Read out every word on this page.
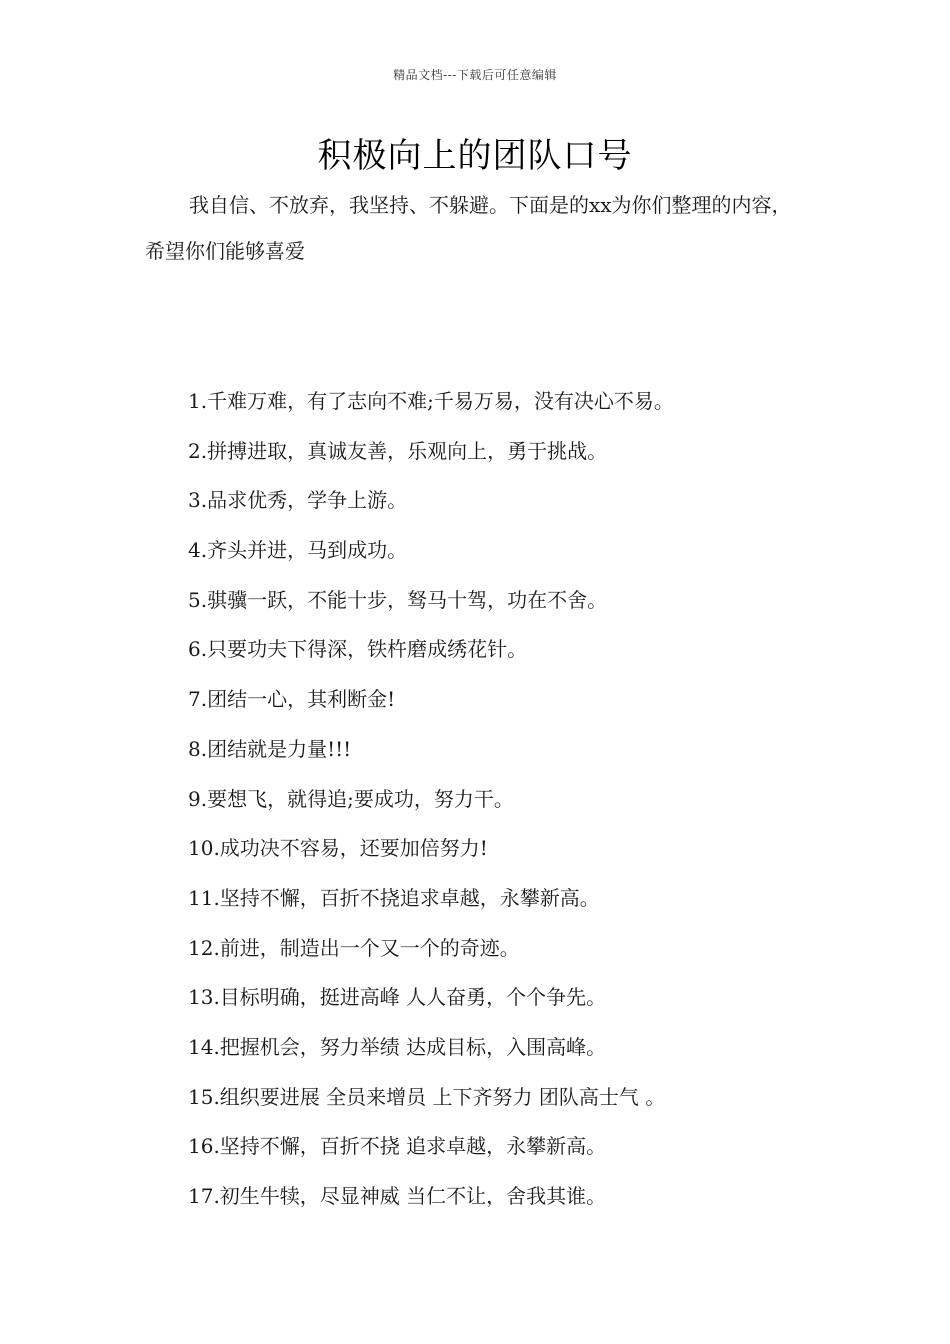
精品文档---下载后可任意编辑
积极向上的团队口号

我自信、不放弃，我坚持、不躲避。下面是的xx为你们整理的内容，希望你们能够喜爱

1.千难万难，有了志向不难;千易万易，没有决心不易。
2.拼搏进取，真诚友善，乐观向上，勇于挑战。
3.品求优秀，学争上游。
4.齐头并进，马到成功。
5.骐骥一跃，不能十步，驽马十驾，功在不舍。
6.只要功夫下得深，铁杵磨成绣花针。
7.团结一心，其利断金!
8.团结就是力量!!!
9.要想飞，就得追;要成功，努力干。
10.成功决不容易，还要加倍努力!
11.坚持不懈，百折不挠追求卓越，永攀新高。
12.前进，制造出一个又一个的奇迹。
13.目标明确，挺进高峰 人人奋勇，个个争先。
14.把握机会，努力举绩 达成目标，入围高峰。
15.组织要进展 全员来增员 上下齐努力 团队高士气 。
16.坚持不懈，百折不挠 追求卓越，永攀新高。
17.初生牛犊，尽显神威 当仁不让，舍我其谁。
